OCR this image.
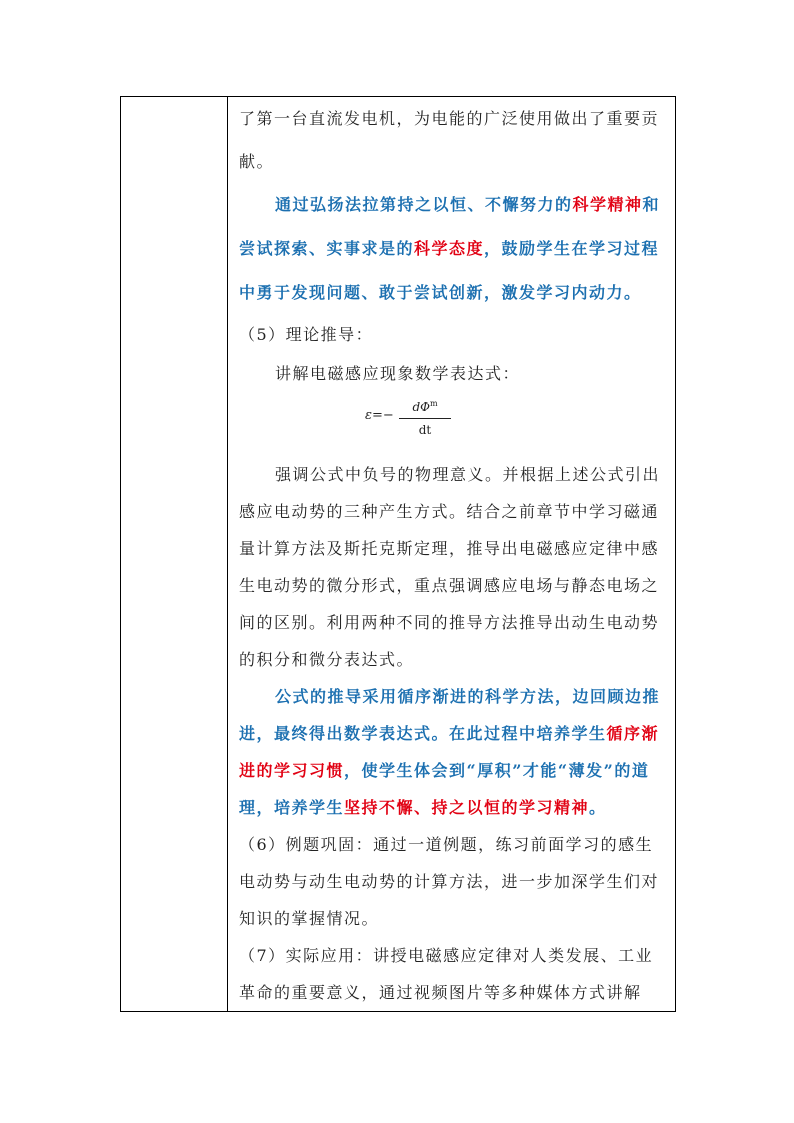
了第一台直流发电机，为电能的广泛使用做出了重要贡献。

通过弘扬法拉第持之以恒、不懈努力的科学精神和尝试探索、实事求是的科学态度，鼓励学生在学习过程中勇于发现问题、敢于尝试创新，激发学习内动力。

（5）理论推导：

讲解电磁感应现象数学表达式：

ε=−
$d\Phi^m$
dt

强调公式中负号的物理意义。并根据上述公式引出感应电动势的三种产生方式。结合之前章节中学习磁通量计算方法及斯托克斯定理，推导出电磁感应定律中感生电动势的微分形式，重点强调感应电场与静态电场之间的区别。利用两种不同的推导方法推导出动生电动势的积分和微分表达式。

公式的推导采用循序渐进的科学方法，边回顾边推进，最终得出数学表达式。在此过程中培养学生循序渐进的学习习惯，使学生体会到“厚积”才能“薄发”的道理，培养学生坚持不懈、持之以恒的学习精神。

（6）例题巩固：通过一道例题，练习前面学习的感生电动势与动生电动势的计算方法，进一步加深学生们对知识的掌握情况。

（7）实际应用：讲授电磁感应定律对人类发展、工业革命的重要意义，通过视频图片等多种媒体方式讲解
